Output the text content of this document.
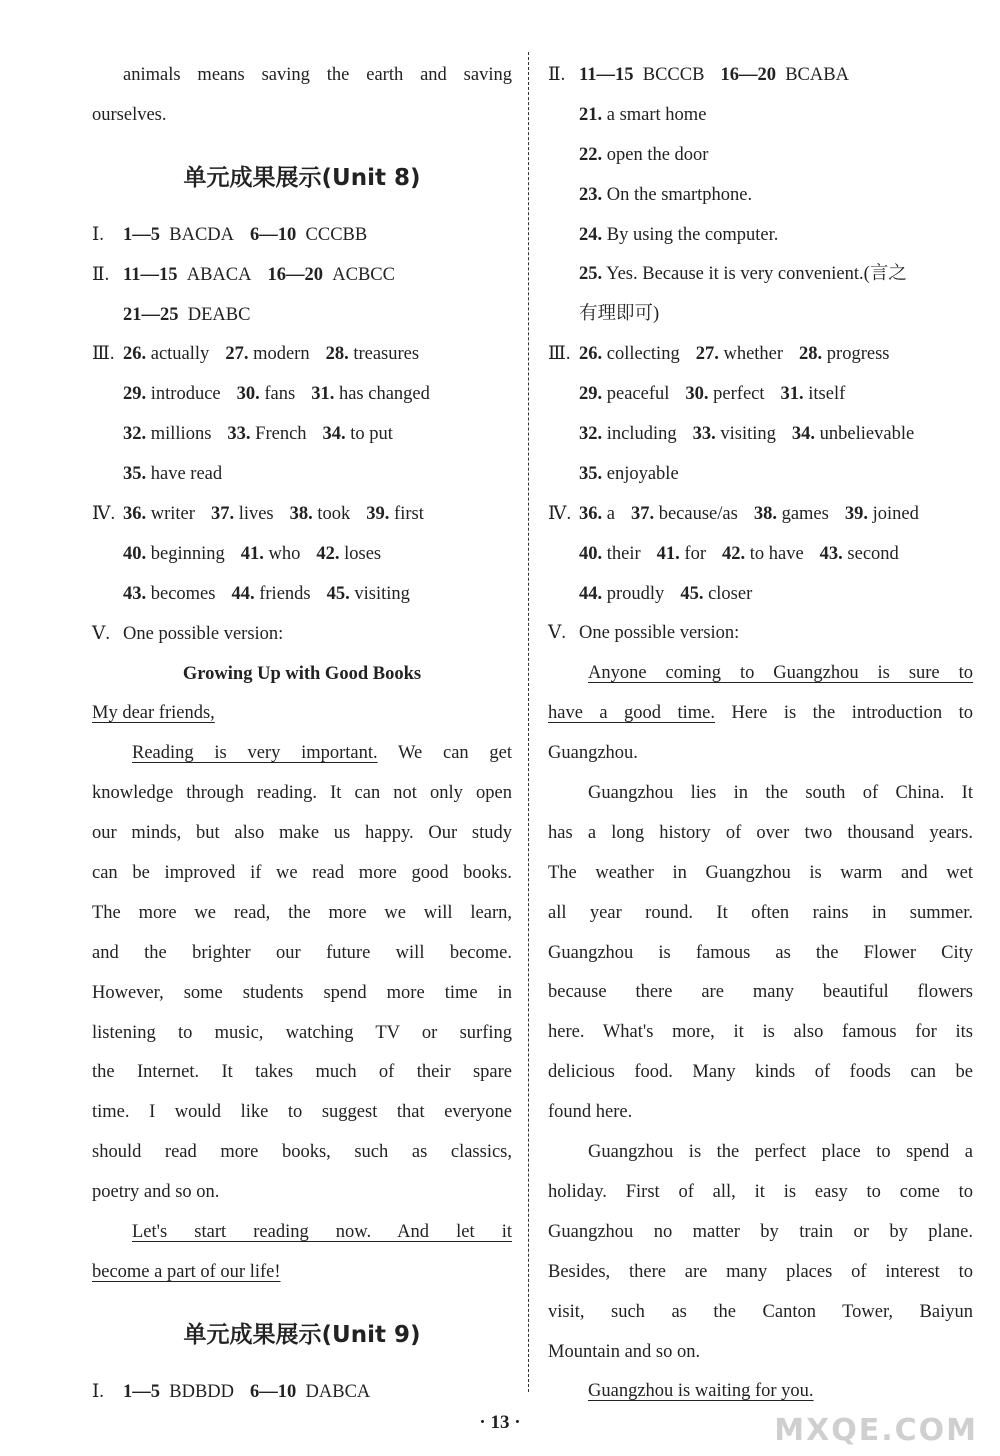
animals means saving the earth and saving
ourselves.
单元成果展示(Unit 8)
Ⅰ. 1—5 BACDA 6—10 CCCBB
Ⅱ. 11—15 ABACA 16—20 ACBCC
21—25 DEABC
Ⅲ. 26. actually 27. modern 28. treasures
29. introduce 30. fans 31. has changed
32. millions 33. French 34. to put
35. have read
Ⅳ. 36. writer 37. lives 38. took 39. first
40. beginning 41. who 42. loses
43. becomes 44. friends 45. visiting
Ⅴ. One possible version:
Growing Up with Good Books
My dear friends,
Reading is very important. We can get
knowledge through reading. It can not only open
our minds, but also make us happy. Our study
can be improved if we read more good books.
The more we read, the more we will learn,
and the brighter our future will become.
However, some students spend more time in
listening to music, watching TV or surfing
the Internet. It takes much of their spare
time. I would like to suggest that everyone
should read more books, such as classics,
poetry and so on.
Let's start reading now. And let it
become a part of our life!
单元成果展示(Unit 9)
Ⅰ. 1—5 BDBDD 6—10 DABCA
Ⅱ. 11—15 BCCCB 16—20 BCABA
21. a smart home
22. open the door
23. On the smartphone.
24. By using the computer.
25. Yes. Because it is very convenient.(言之
有理即可)
Ⅲ. 26. collecting 27. whether 28. progress
29. peaceful 30. perfect 31. itself
32. including 33. visiting 34. unbelievable
35. enjoyable
Ⅳ. 36. a 37. because/as 38. games 39. joined
40. their 41. for 42. to have 43. second
44. proudly 45. closer
Ⅴ. One possible version:
Anyone coming to Guangzhou is sure to
have a good time. Here is the introduction to
Guangzhou.
Guangzhou lies in the south of China. It
has a long history of over two thousand years.
The weather in Guangzhou is warm and wet
all year round. It often rains in summer.
Guangzhou is famous as the Flower City
because there are many beautiful flowers
here. What's more, it is also famous for its
delicious food. Many kinds of foods can be
found here.
Guangzhou is the perfect place to spend a
holiday. First of all, it is easy to come to
Guangzhou no matter by train or by plane.
Besides, there are many places of interest to
visit, such as the Canton Tower, Baiyun
Mountain and so on.
Guangzhou is waiting for you.
· 13 ·	MXQE.COM
